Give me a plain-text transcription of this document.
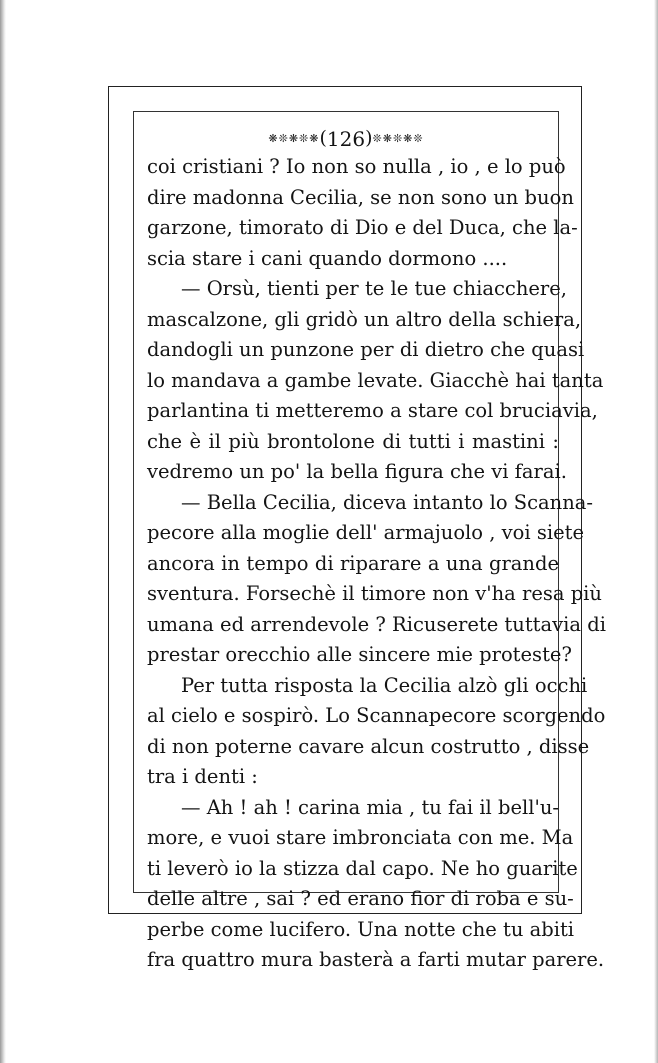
❋❊❋❊❋(126)❊❋❊❋❊
coi cristiani ? Io non so nulla , io , e lo può
dire madonna Cecilia, se non sono un buon
garzone, timorato di Dio e del Duca, che la-
scia stare i cani quando dormono ....
— Orsù, tienti per te le tue chiacchere,
mascalzone, gli gridò un altro della schiera,
dandogli un punzone per di dietro che quasi
lo mandava a gambe levate. Giacchè hai tanta
parlantina ti metteremo a stare col bruciavia,
che è il più brontolone di tutti i mastini :
vedremo un po' la bella figura che vi farai.
— Bella Cecilia, diceva intanto lo Scanna-
pecore alla moglie dell' armajuolo , voi siete
ancora in tempo di riparare a una grande
sventura. Forsechè il timore non v'ha resa più
umana ed arrendevole ? Ricuserete tuttavia di
prestar orecchio alle sincere mie proteste?
Per tutta risposta la Cecilia alzò gli occhi
al cielo e sospirò. Lo Scannapecore scorgendo
di non poterne cavare alcun costrutto , disse
tra i denti :
— Ah ! ah ! carina mia , tu fai il bell'u-
more, e vuoi stare imbronciata con me. Ma
ti leverò io la stizza dal capo. Ne ho guarite
delle altre , sai ? ed erano fior di roba e su-
perbe come lucifero. Una notte che tu abiti
fra quattro mura basterà a farti mutar parere.
